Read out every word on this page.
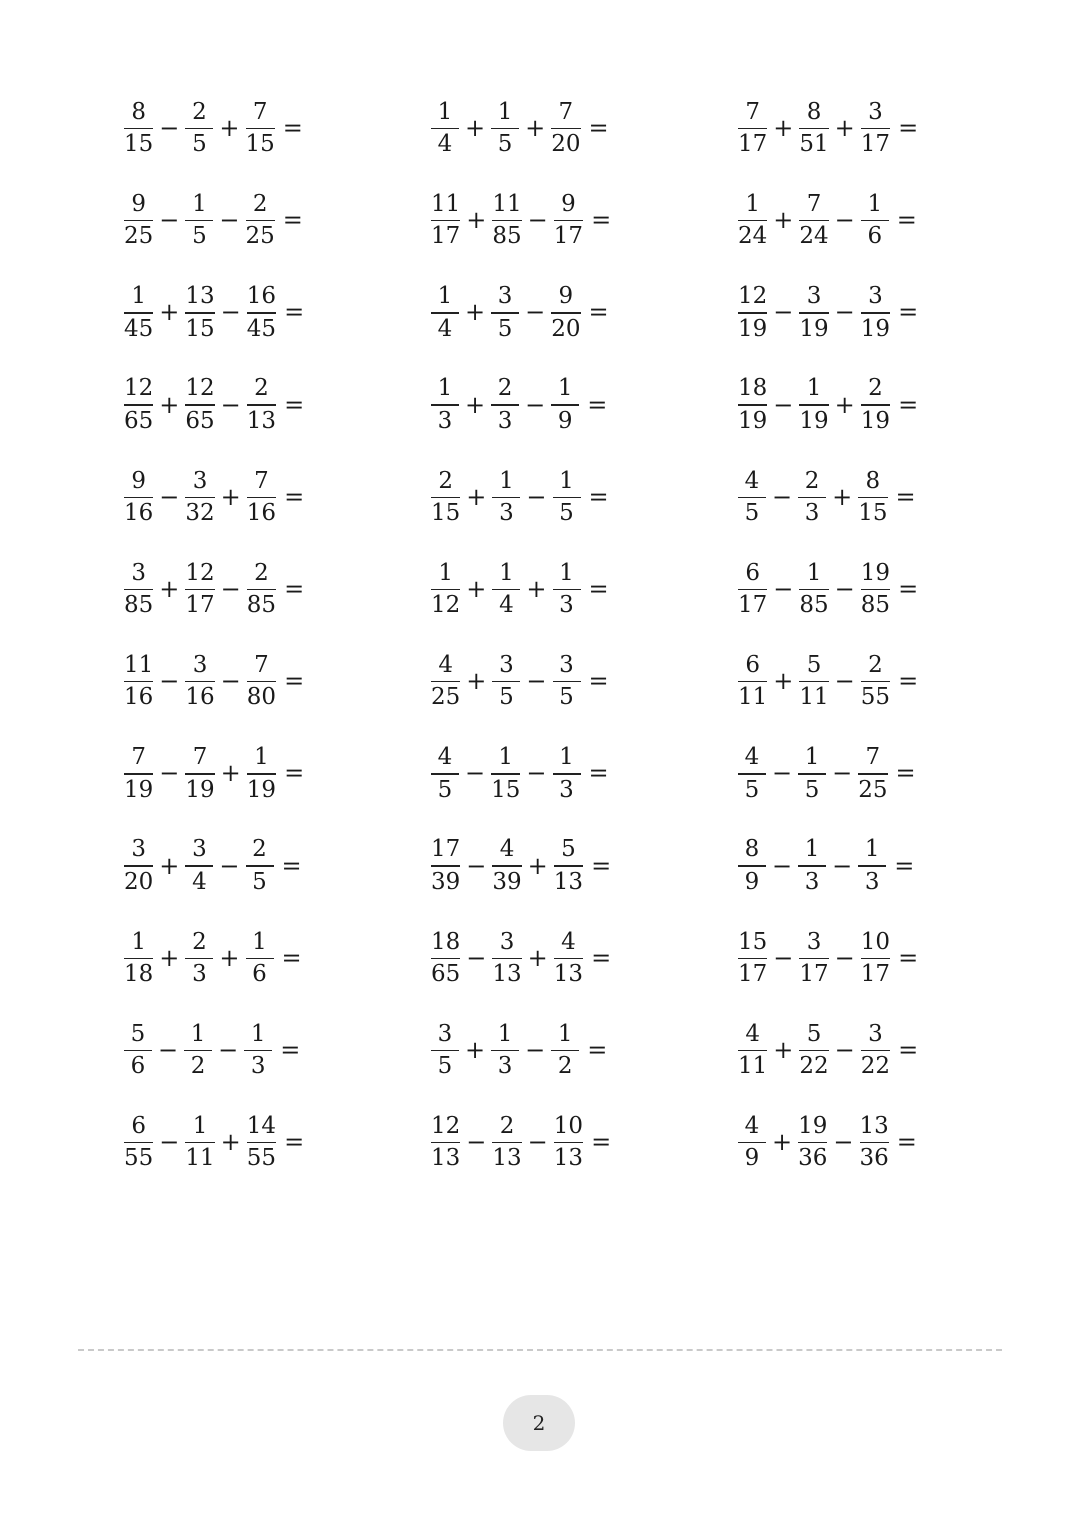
$\frac{8}{15} - \frac{2}{5} + \frac{7}{15}$ =
$\frac{9}{25} - \frac{1}{5} - \frac{2}{25}$ =
$\frac{1}{45} + \frac{13}{15} - \frac{16}{45}$ =
$\frac{12}{65} + \frac{12}{65} - \frac{2}{13}$ =
$\frac{9}{16} - \frac{3}{32} + \frac{7}{16}$ =
$\frac{3}{85} + \frac{12}{17} - \frac{2}{85}$ =
$\frac{11}{16} - \frac{3}{16} - \frac{7}{80}$ =
$\frac{7}{19} - \frac{7}{19} + \frac{1}{19}$ =
$\frac{3}{20} + \frac{3}{4} - \frac{2}{5}$ =
$\frac{1}{18} + \frac{2}{3} + \frac{1}{6}$ =
$\frac{5}{6} - \frac{1}{2} - \frac{1}{3}$ =
$\frac{6}{55} - \frac{1}{11} + \frac{14}{55}$ =
$\frac{1}{4} + \frac{1}{5} + \frac{7}{20}$ =
$\frac{11}{17} + \frac{11}{85} - \frac{9}{17}$ =
$\frac{1}{4} + \frac{3}{5} - \frac{9}{20}$ =
$\frac{1}{3} + \frac{2}{3} - \frac{1}{9}$ =
$\frac{2}{15} + \frac{1}{3} - \frac{1}{5}$ =
$\frac{1}{12} + \frac{1}{4} + \frac{1}{3}$ =
$\frac{4}{25} + \frac{3}{5} - \frac{3}{5}$ =
$\frac{4}{5} - \frac{1}{15} - \frac{1}{3}$ =
$\frac{17}{39} - \frac{4}{39} + \frac{5}{13}$ =
$\frac{18}{65} - \frac{3}{13} + \frac{4}{13}$ =
$\frac{3}{5} + \frac{1}{3} - \frac{1}{2}$ =
$\frac{12}{13} - \frac{2}{13} - \frac{10}{13}$ =
$\frac{7}{17} + \frac{8}{51} + \frac{3}{17}$ =
$\frac{1}{24} + \frac{7}{24} - \frac{1}{6}$ =
$\frac{12}{19} - \frac{3}{19} - \frac{3}{19}$ =
$\frac{18}{19} - \frac{1}{19} + \frac{2}{19}$ =
$\frac{4}{5} - \frac{2}{3} + \frac{8}{15}$ =
$\frac{6}{17} - \frac{1}{85} - \frac{19}{85}$ =
$\frac{6}{11} + \frac{5}{11} - \frac{2}{55}$ =
$\frac{4}{5} - \frac{1}{5} - \frac{7}{25}$ =
$\frac{8}{9} - \frac{1}{3} - \frac{1}{3}$ =
$\frac{15}{17} - \frac{3}{17} - \frac{10}{17}$ =
$\frac{4}{11} + \frac{5}{22} - \frac{3}{22}$ =
$\frac{4}{9} + \frac{19}{36} - \frac{13}{36}$ =
2
